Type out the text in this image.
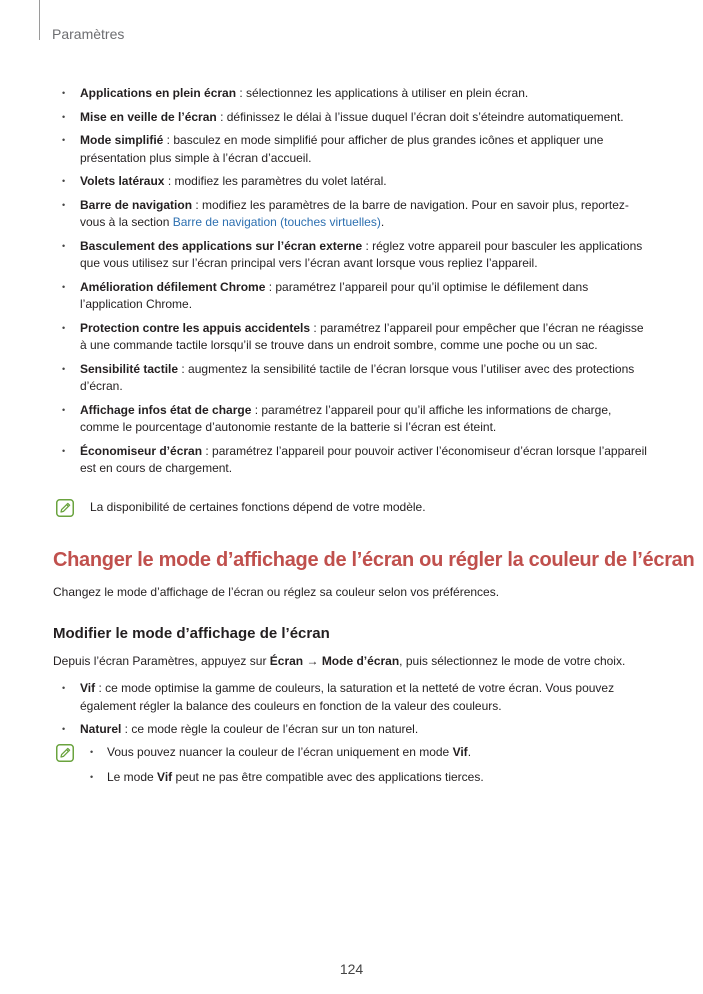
Paramètres
• Applications en plein écran : sélectionnez les applications à utiliser en plein écran.
• Mise en veille de l’écran : définissez le délai à l’issue duquel l’écran doit s’éteindre automatiquement.
• Mode simplifié : basculez en mode simplifié pour afficher de plus grandes icônes et appliquer une présentation plus simple à l’écran d’accueil.
• Volets latéraux : modifiez les paramètres du volet latéral.
• Barre de navigation : modifiez les paramètres de la barre de navigation. Pour en savoir plus, reportez-vous à la section Barre de navigation (touches virtuelles).
• Basculement des applications sur l’écran externe : réglez votre appareil pour basculer les applications que vous utilisez sur l’écran principal vers l’écran avant lorsque vous repliez l’appareil.
• Amélioration défilement Chrome : paramétrez l’appareil pour qu’il optimise le défilement dans l’application Chrome.
• Protection contre les appuis accidentels : paramétrez l’appareil pour empêcher que l’écran ne réagisse à une commande tactile lorsqu’il se trouve dans un endroit sombre, comme une poche ou un sac.
• Sensibilité tactile : augmentez la sensibilité tactile de l’écran lorsque vous l’utiliser avec des protections d’écran.
• Affichage infos état de charge : paramétrez l’appareil pour qu’il affiche les informations de charge, comme le pourcentage d’autonomie restante de la batterie si l’écran est éteint.
• Économiseur d’écran : paramétrez l’appareil pour pouvoir activer l’économiseur d’écran lorsque l’appareil est en cours de chargement.
La disponibilité de certaines fonctions dépend de votre modèle.
Changer le mode d’affichage de l’écran ou régler la couleur de l’écran
Changez le mode d’affichage de l’écran ou réglez sa couleur selon vos préférences.
Modifier le mode d’affichage de l’écran
Depuis l’écran Paramètres, appuyez sur Écran → Mode d’écran, puis sélectionnez le mode de votre choix.
• Vif : ce mode optimise la gamme de couleurs, la saturation et la netteté de votre écran. Vous pouvez également régler la balance des couleurs en fonction de la valeur des couleurs.
• Naturel : ce mode règle la couleur de l’écran sur un ton naturel.
• Vous pouvez nuancer la couleur de l’écran uniquement en mode Vif.
• Le mode Vif peut ne pas être compatible avec des applications tierces.
124
